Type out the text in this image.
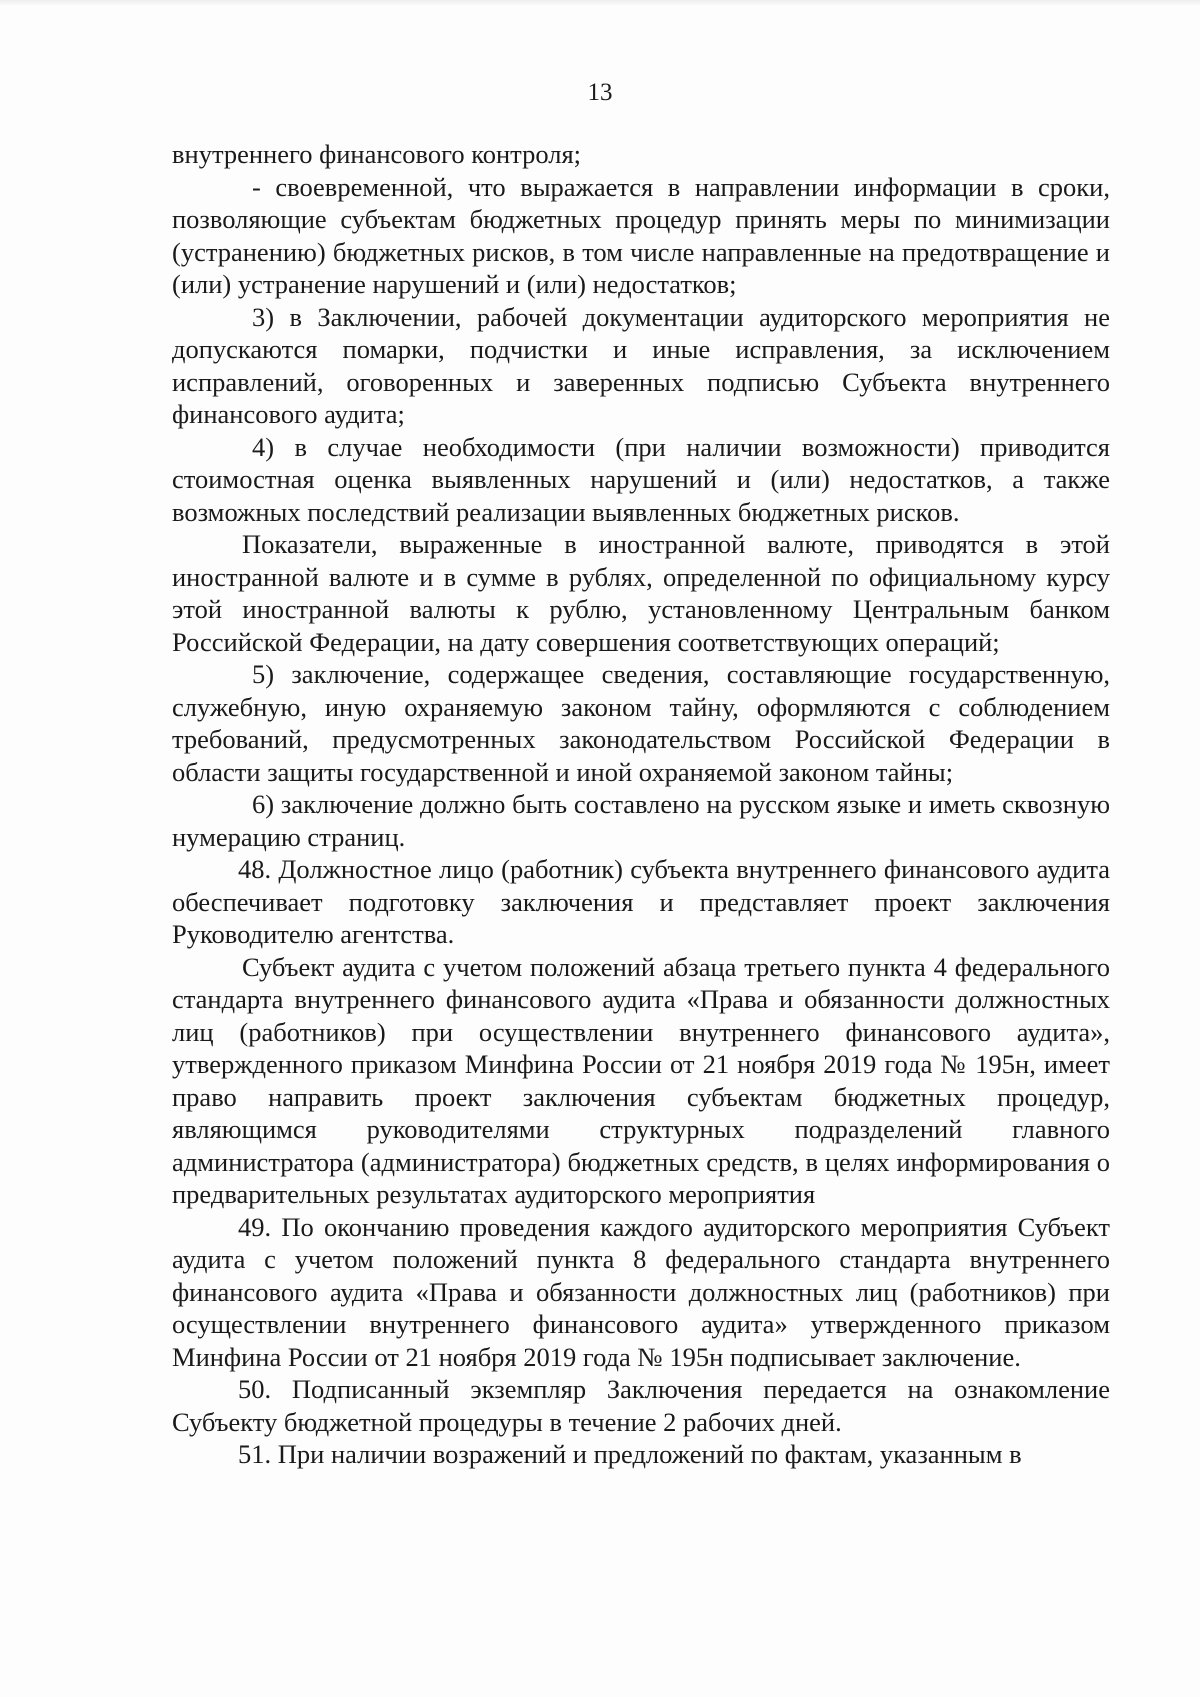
13

внутреннего финансового контроля;

- своевременной, что выражается в направлении информации в сроки, позволяющие субъектам бюджетных процедур принять меры по минимизации (устранению) бюджетных рисков, в том числе направленные на предотвращение и (или) устранение нарушений и (или) недостатков;

3) в Заключении, рабочей документации аудиторского мероприятия не допускаются помарки, подчистки и иные исправления, за исключением исправлений, оговоренных и заверенных подписью Субъекта внутреннего финансового аудита;

4) в случае необходимости (при наличии возможности) приводится стоимостная оценка выявленных нарушений и (или) недостатков, а также возможных последствий реализации выявленных бюджетных рисков.

Показатели, выраженные в иностранной валюте, приводятся в этой иностранной валюте и в сумме в рублях, определенной по официальному курсу этой иностранной валюты к рублю, установленному Центральным банком Российской Федерации, на дату совершения соответствующих операций;

5) заключение, содержащее сведения, составляющие государственную, служебную, иную охраняемую законом тайну, оформляются с соблюдением требований, предусмотренных законодательством Российской Федерации в области защиты государственной и иной охраняемой законом тайны;

6) заключение должно быть составлено на русском языке и иметь сквозную нумерацию страниц.

48. Должностное лицо (работник) субъекта внутреннего финансового аудита обеспечивает подготовку заключения и представляет проект заключения Руководителю агентства.

Субъект аудита с учетом положений абзаца третьего пункта 4 федерального стандарта внутреннего финансового аудита «Права и обязанности должностных лиц (работников) при осуществлении внутреннего финансового аудита», утвержденного приказом Минфина России от 21 ноября 2019 года № 195н, имеет право направить проект заключения субъектам бюджетных процедур, являющимся руководителями структурных подразделений главного администратора (администратора) бюджетных средств, в целях информирования о предварительных результатах аудиторского мероприятия

49. По окончанию проведения каждого аудиторского мероприятия Субъект аудита с учетом положений пункта 8 федерального стандарта внутреннего финансового аудита «Права и обязанности должностных лиц (работников) при осуществлении внутреннего финансового аудита» утвержденного приказом Минфина России от 21 ноября 2019 года № 195н подписывает заключение.

50. Подписанный экземпляр Заключения передается на ознакомление Субъекту бюджетной процедуры в течение 2 рабочих дней.

51. При наличии возражений и предложений по фактам, указанным в
